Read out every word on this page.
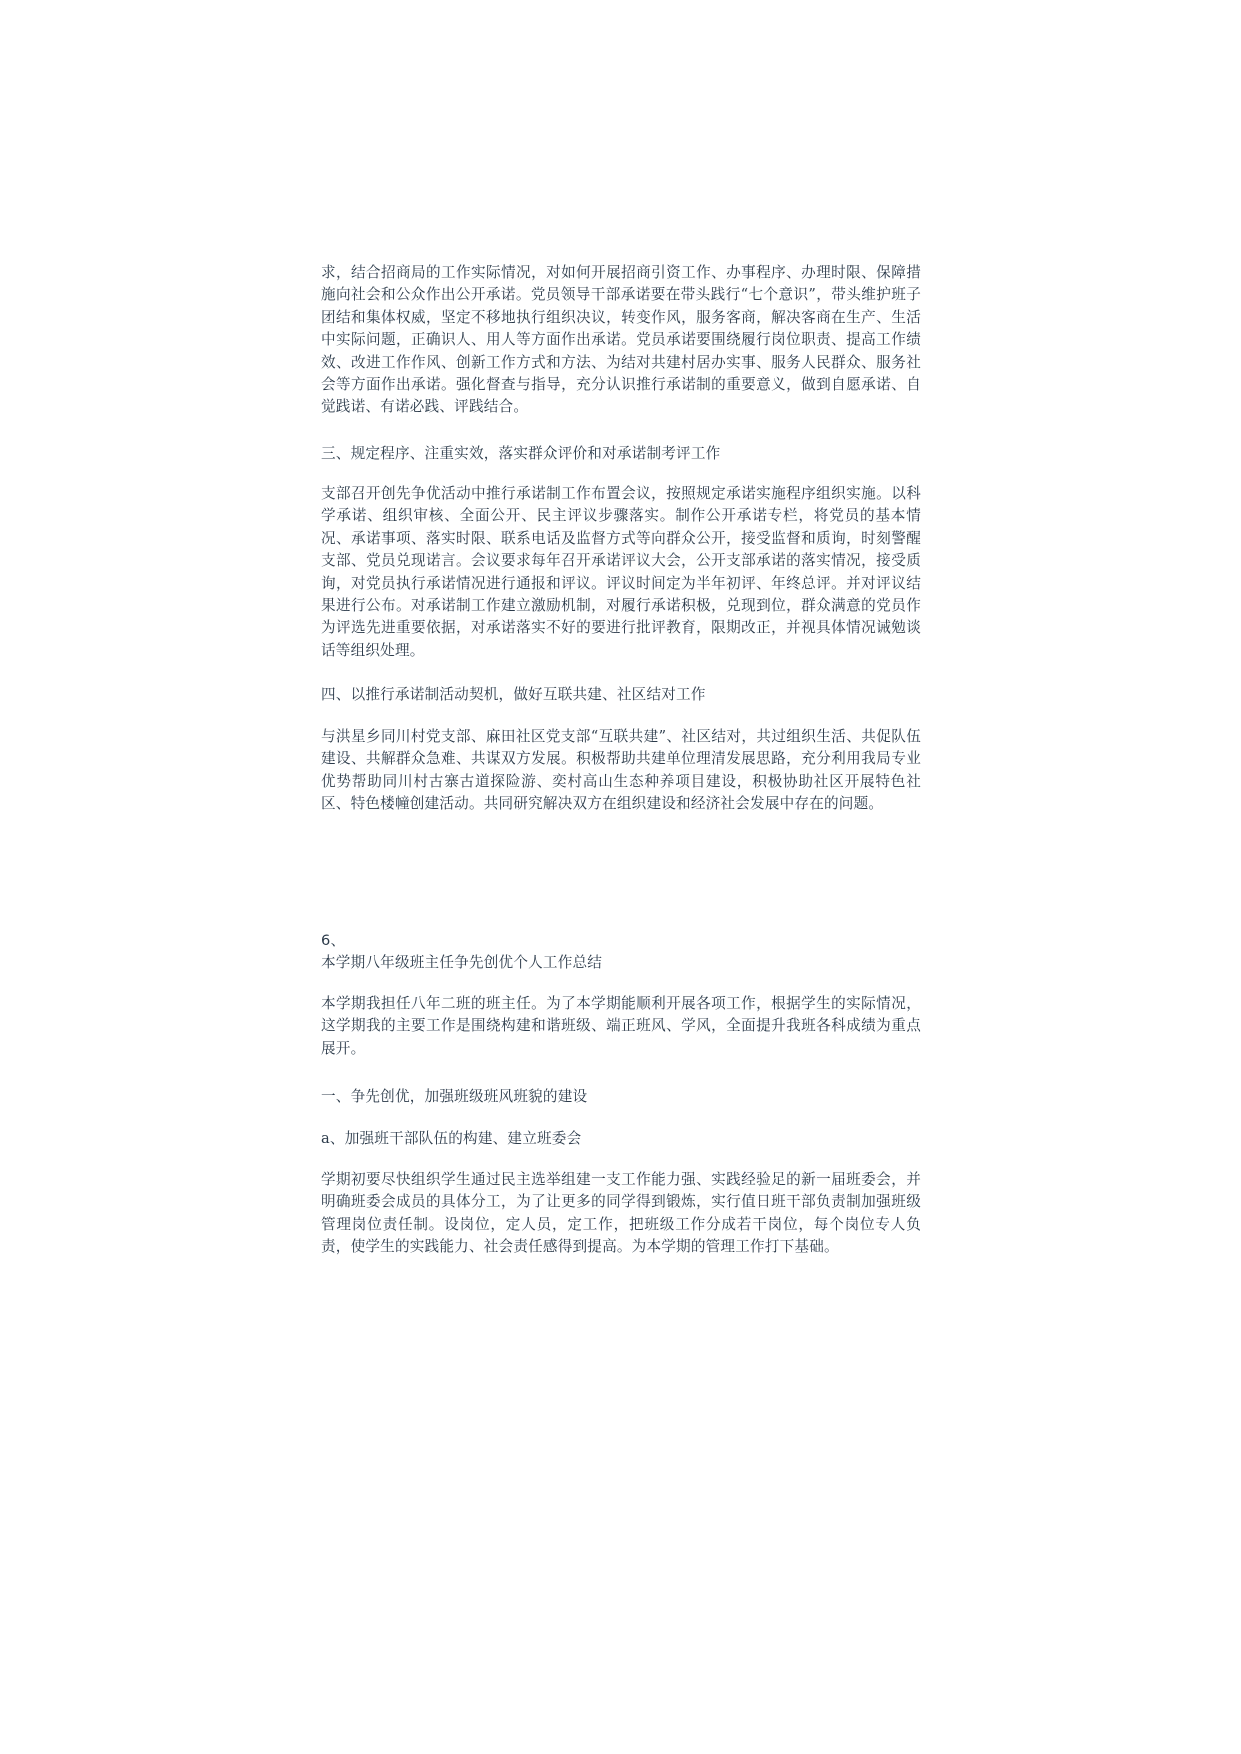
求，结合招商局的工作实际情况，对如何开展招商引资工作、办事程序、办理时限、保障措施向社会和公众作出公开承诺。党员领导干部承诺要在带头践行“七个意识”，带头维护班子团结和集体权威，坚定不移地执行组织决议，转变作风，服务客商，解决客商在生产、生活中实际问题，正确识人、用人等方面作出承诺。党员承诺要围绕履行岗位职责、提高工作绩效、改进工作作风、创新工作方式和方法、为结对共建村居办实事、服务人民群众、服务社会等方面作出承诺。强化督查与指导，充分认识推行承诺制的重要意义，做到自愿承诺、自觉践诺、有诺必践、评践结合。

三、规定程序、注重实效，落实群众评价和对承诺制考评工作

支部召开创先争优活动中推行承诺制工作布置会议，按照规定承诺实施程序组织实施。以科学承诺、组织审核、全面公开、民主评议步骤落实。制作公开承诺专栏，将党员的基本情况、承诺事项、落实时限、联系电话及监督方式等向群众公开，接受监督和质询，时刻警醒支部、党员兑现诺言。会议要求每年召开承诺评议大会，公开支部承诺的落实情况，接受质询，对党员执行承诺情况进行通报和评议。评议时间定为半年初评、年终总评。并对评议结果进行公布。对承诺制工作建立激励机制，对履行承诺积极，兑现到位，群众满意的党员作为评选先进重要依据，对承诺落实不好的要进行批评教育，限期改正，并视具体情况诫勉谈话等组织处理。

四、以推行承诺制活动契机，做好互联共建、社区结对工作

与洪星乡同川村党支部、麻田社区党支部“互联共建”、社区结对，共过组织生活、共促队伍建设、共解群众急难、共谋双方发展。积极帮助共建单位理清发展思路，充分利用我局专业优势帮助同川村古寨古道探险游、奕村高山生态种养项目建设，积极协助社区开展特色社区、特色楼幢创建活动。共同研究解决双方在组织建设和经济社会发展中存在的问题。

6、

本学期八年级班主任争先创优个人工作总结

本学期我担任八年二班的班主任。为了本学期能顺利开展各项工作，根据学生的实际情况，这学期我的主要工作是围绕构建和谐班级、端正班风、学风，全面提升我班各科成绩为重点展开。

一、争先创优，加强班级班风班貌的建设

a、加强班干部队伍的构建、建立班委会

学期初要尽快组织学生通过民主选举组建一支工作能力强、实践经验足的新一届班委会，并明确班委会成员的具体分工，为了让更多的同学得到锻炼，实行值日班干部负责制加强班级管理岗位责任制。设岗位，定人员，定工作，把班级工作分成若干岗位，每个岗位专人负责，使学生的实践能力、社会责任感得到提高。为本学期的管理工作打下基础。
